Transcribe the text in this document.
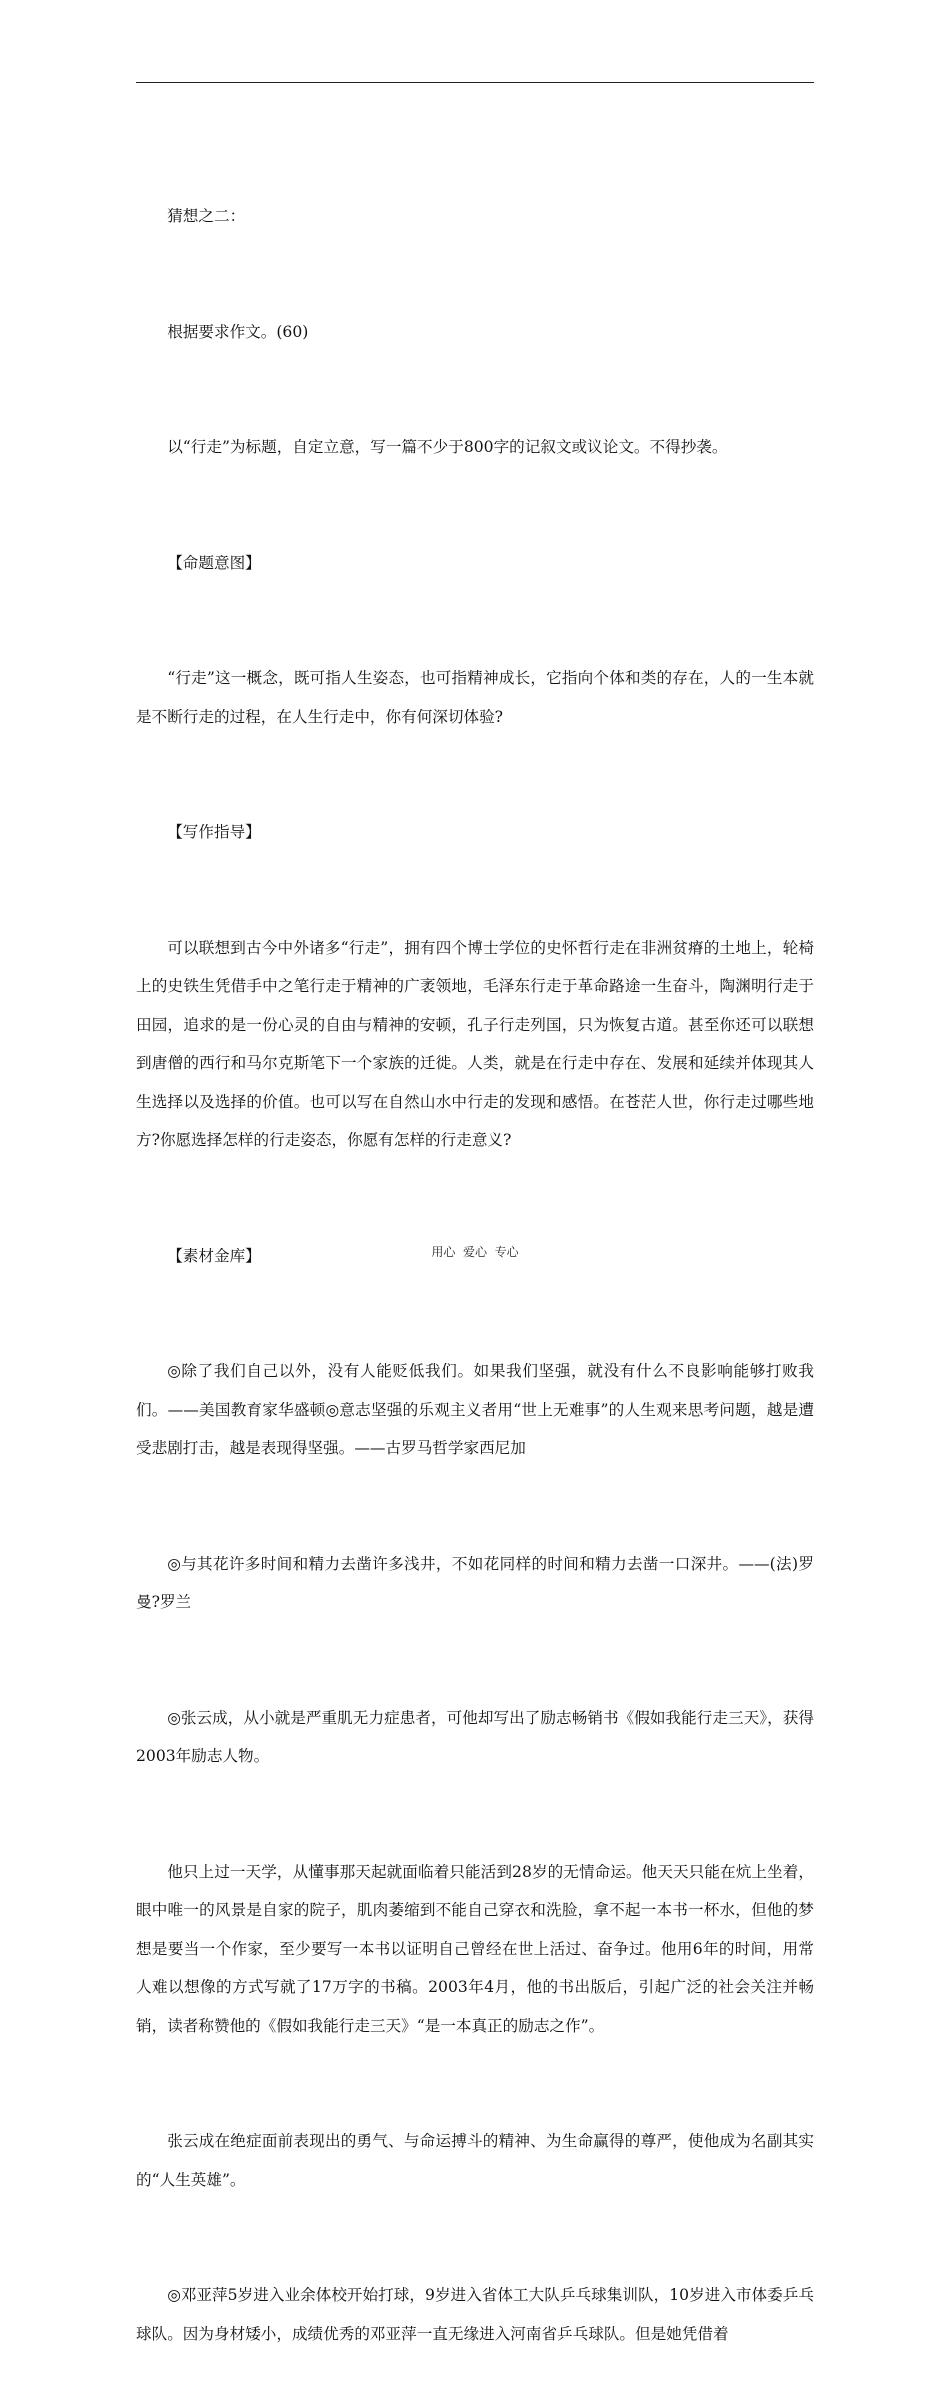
猜想之二：

根据要求作文。(60)

以“行走”为标题，自定立意，写一篇不少于800字的记叙文或议论文。不得抄袭。

【命题意图】

“行走”这一概念，既可指人生姿态，也可指精神成长，它指向个体和类的存在，人的一生本就是不断行走的过程，在人生行走中，你有何深切体验?

【写作指导】

可以联想到古今中外诸多“行走”，拥有四个博士学位的史怀哲行走在非洲贫瘠的土地上，轮椅上的史铁生凭借手中之笔行走于精神的广袤领地，毛泽东行走于革命路途一生奋斗，陶渊明行走于田园，追求的是一份心灵的自由与精神的安顿，孔子行走列国，只为恢复古道。甚至你还可以联想到唐僧的西行和马尔克斯笔下一个家族的迁徙。人类，就是在行走中存在、发展和延续并体现其人生选择以及选择的价值。也可以写在自然山水中行走的发现和感悟。在苍茫人世，你行走过哪些地方?你愿选择怎样的行走姿态，你愿有怎样的行走意义?

【素材金库】

◎除了我们自己以外，没有人能贬低我们。如果我们坚强，就没有什么不良影响能够打败我们。——美国教育家华盛顿◎意志坚强的乐观主义者用“世上无难事”的人生观来思考问题，越是遭受悲剧打击，越是表现得坚强。——古罗马哲学家西尼加

◎与其花许多时间和精力去凿许多浅井，不如花同样的时间和精力去凿一口深井。——(法)罗曼?罗兰

◎张云成，从小就是严重肌无力症患者，可他却写出了励志畅销书《假如我能行走三天》，获得2003年励志人物。

他只上过一天学，从懂事那天起就面临着只能活到28岁的无情命运。他天天只能在炕上坐着，眼中唯一的风景是自家的院子，肌肉萎缩到不能自己穿衣和洗脸，拿不起一本书一杯水，但他的梦想是要当一个作家，至少要写一本书以证明自己曾经在世上活过、奋争过。他用6年的时间，用常人难以想像的方式写就了17万字的书稿。2003年4月，他的书出版后，引起广泛的社会关注并畅销，读者称赞他的《假如我能行走三天》“是一本真正的励志之作”。

张云成在绝症面前表现出的勇气、与命运搏斗的精神、为生命赢得的尊严，使他成为名副其实的“人生英雄”。

◎邓亚萍5岁进入业余体校开始打球，9岁进入省体工大队乒乓球集训队，10岁进入市体委乒乓球队。因为身材矮小，成绩优秀的邓亚萍一直无缘进入河南省乒乓球队。但是她凭借着

用心  爱心  专心
